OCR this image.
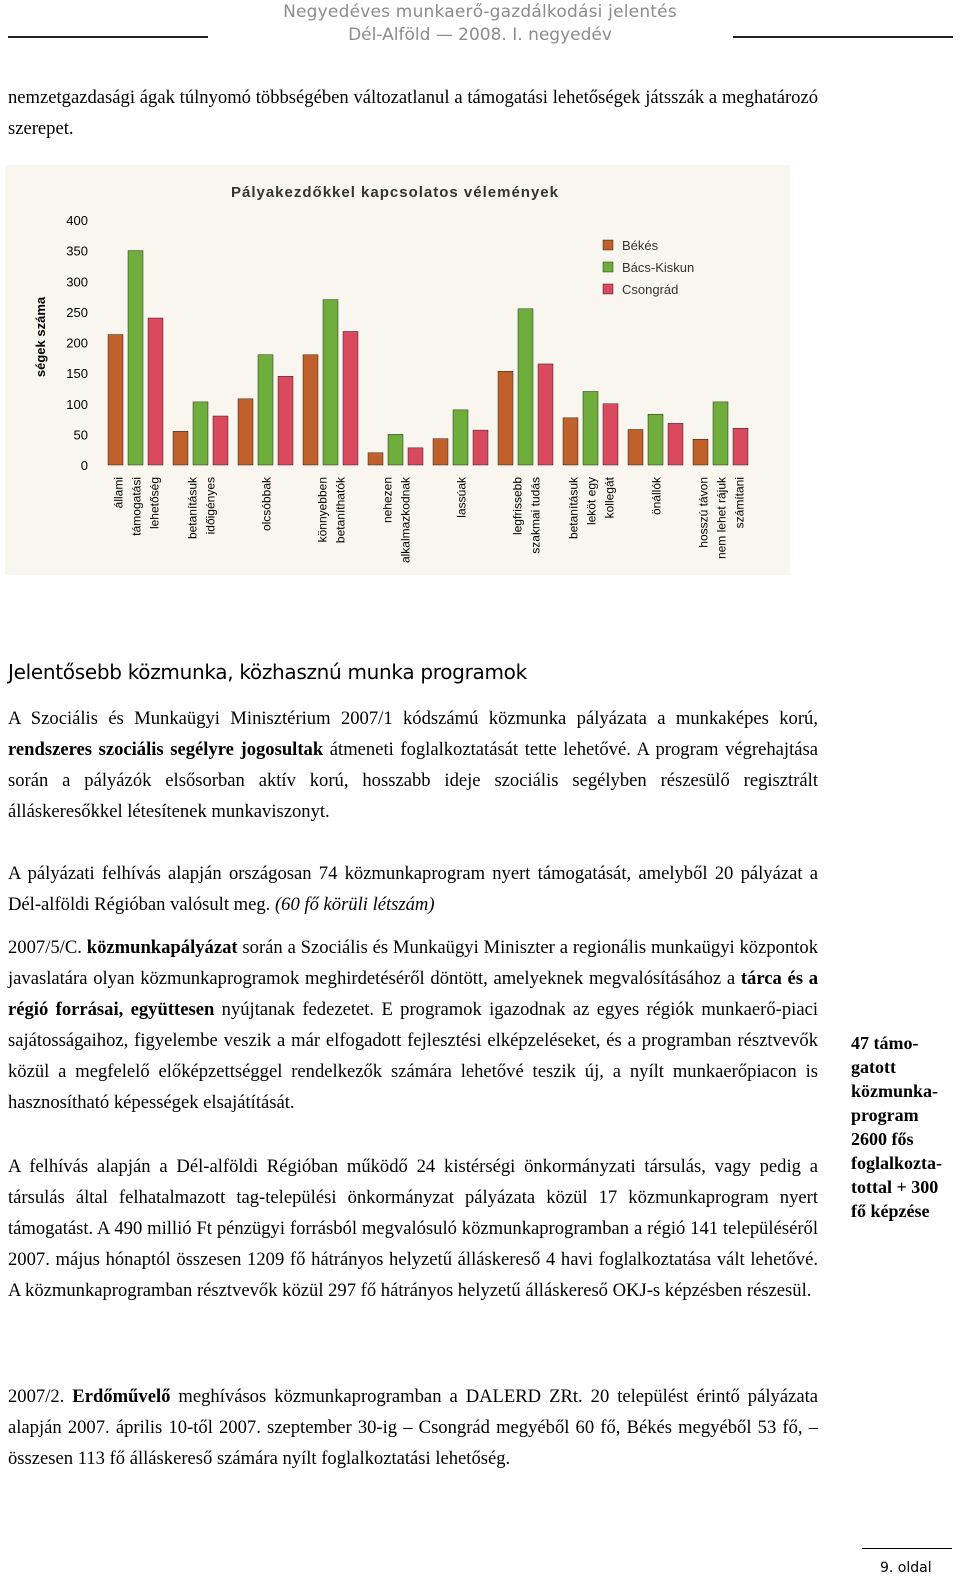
Negyedéves munkaerő-gazdálkodási jelentés
Dél-Alföld — 2008. I. negyedév

nemzetgazdasági ágak túlnyomó többségében változatlanul a támogatási lehetőségek játsszák a meghatározó szerepet.

Pályakezdőkkel kapcsolatos vélemények
ségek száma
0
50
100
150
200
250
300
350
400
állami támogatási lehetőség betanításuk időigényes	olcsóbbak	könnyebben betaníthatók	nehezen alkalmazkodnak	lassúak	legfrissebb szakmai tudás betanításuk leköt egy kollegát	önállók	hosszú távon nem lehet rájuk számítani
Békés
Bács-Kiskun
Csongrád
Jelentősebb közmunka, közhasznú munka programok

A Szociális és Munkaügyi Minisztérium 2007/1 kódszámú közmunka pályázata a munkaképes korú, rendszeres szociális segélyre jogosultak átmeneti foglalkoztatását tette lehetővé. A program végrehajtása során a pályázók elsősorban aktív korú, hosszabb ideje szociális segélyben részesülő regisztrált álláskeresőkkel létesítenek munkaviszonyt.

A pályázati felhívás alapján országosan 74 közmunkaprogram nyert támogatását, amelyből 20 pályázat a Dél-alföldi Régióban valósult meg. (60 fő körüli létszám)

2007/5/C. közmunkapályázat során a Szociális és Munkaügyi Miniszter a regionális munkaügyi központok javaslatára olyan közmunkaprogramok meghirdetéséről döntött, amelyeknek megvalósításához a tárca és a régió forrásai, együttesen nyújtanak fedezetet. E programok igazodnak az egyes régiók munkaerő-piaci sajátosságaihoz, figyelembe veszik a már elfogadott fejlesztési elképzeléseket, és a programban résztvevők közül a megfelelő előképzettséggel rendelkezők számára lehetővé teszik új, a nyílt munkaerőpiacon is hasznosítható képességek elsajátítását.

A felhívás alapján a Dél-alföldi Régióban működő 24 kistérségi önkormányzati társulás, vagy pedig a társulás által felhatalmazott tag-települési önkormányzat pályázata közül 17 közmunkaprogram nyert támogatást. A 490 millió Ft pénzügyi forrásból megvalósuló közmunkaprogramban a régió 141 településéről 2007. május hónaptól összesen 1209 fő hátrányos helyzetű álláskereső 4 havi foglalkoztatása vált lehetővé. A közmunkaprogramban résztvevők közül 297 fő hátrányos helyzetű álláskereső OKJ-s képzésben részesül.

2007/2. Erdőművelő meghívásos közmunkaprogramban a DALERD ZRt. 20 települést érintő pályázata alapján 2007. április 10-től 2007. szeptember 30-ig – Csongrád megyéből 60 fő, Békés megyéből 53 fő, – összesen 113 fő álláskereső számára nyílt foglalkoztatási lehetőség.

47 támo-gatott közmunka-program 2600 fős foglalkozta-tottal + 300 fő képzése
9. oldal
